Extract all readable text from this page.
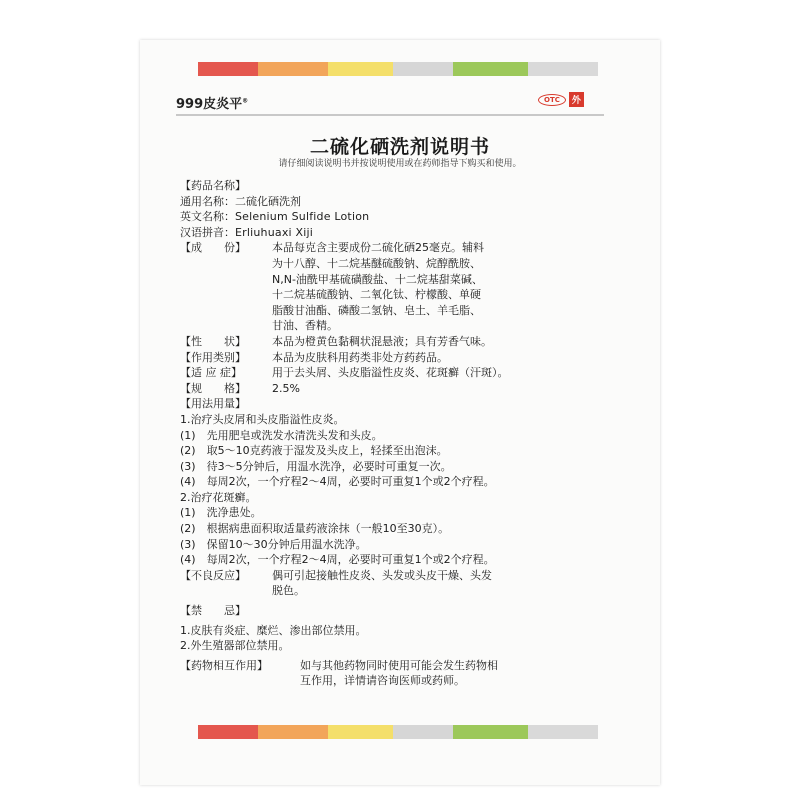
999皮炎平®	OTC	外
二硫化硒洗剂说明书
请仔细阅读说明书并按说明使用或在药师指导下购买和使用。
【药品名称】
通用名称： 二硫化硒洗剂
英文名称： Selenium Sulfide Lotion
汉语拼音： Erliuhuaxi Xiji
【成　　份】	本品每克含主要成份二硫化硒25毫克。辅料
为十八醇、十二烷基醚硫酸钠、烷醇酰胺、
N,N-油酰甲基硫磺酸盐、十二烷基甜菜碱、
十二烷基硫酸钠、二氧化钛、柠檬酸、单硬
脂酸甘油酯、磷酸二氢钠、皂土、羊毛脂、
甘油、香精。
【性　　状】	本品为橙黄色黏稠状混悬液；具有芳香气味。
【作用类别】	本品为皮肤科用药类非处方药药品。
【适 应 症】	用于去头屑、头皮脂溢性皮炎、花斑癣（汗斑）。
【规　　格】	2.5%
【用法用量】
1.治疗头皮屑和头皮脂溢性皮炎。
(1)　先用肥皂或洗发水清洗头发和头皮。
(2)　取5～10克药液于湿发及头皮上，轻揉至出泡沫。
(3)　待3～5分钟后，用温水洗净，必要时可重复一次。
(4)　每周2次，一个疗程2～4周，必要时可重复1个或2个疗程。
2.治疗花斑癣。
(1)　洗净患处。
(2)　根据病患面积取适量药液涂抹（一般10至30克）。
(3)　保留10～30分钟后用温水洗净。
(4)　每周2次，一个疗程2～4周，必要时可重复1个或2个疗程。
【不良反应】	偶可引起接触性皮炎、头发或头皮干燥、头发
脱色。
【禁　　忌】
1.皮肤有炎症、糜烂、渗出部位禁用。
2.外生殖器部位禁用。
【药物相互作用】	如与其他药物同时使用可能会发生药物相
互作用，详情请咨询医师或药师。
